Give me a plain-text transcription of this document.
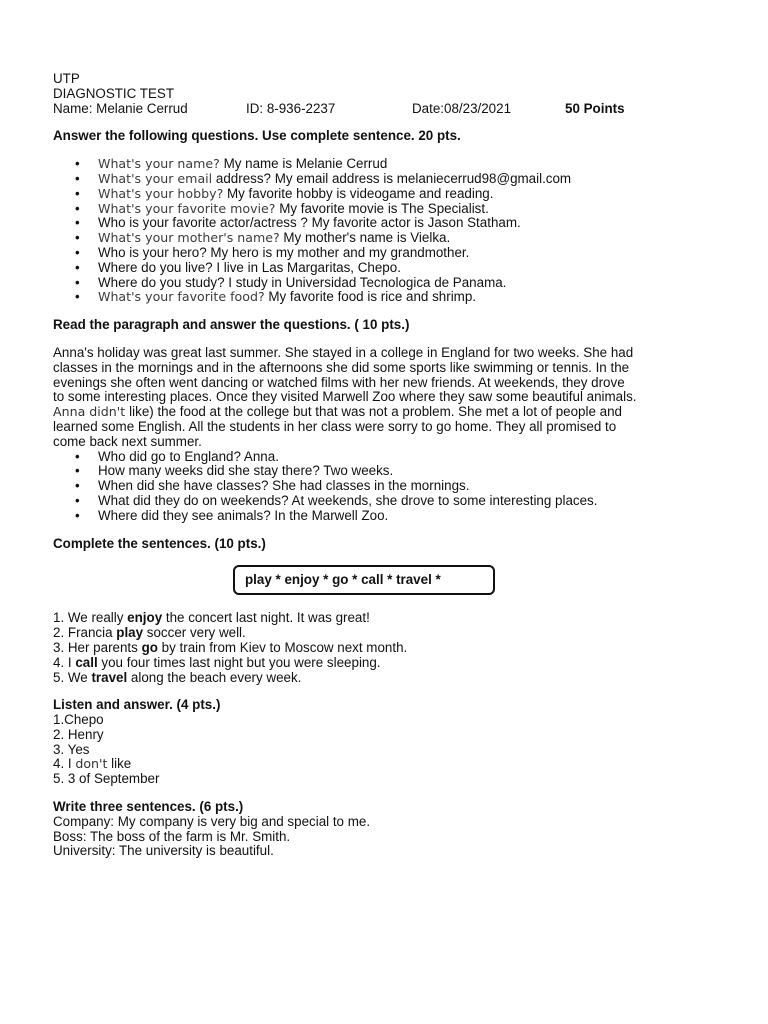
UTP
DIAGNOSTIC TEST
Name: Melanie Cerrud	ID: 8-936-2237	Date:08/23/2021	50 Points
Answer the following questions. Use complete sentence. 20 pts.
• What's your name? My name is Melanie Cerrud
• What's your email address? My email address is melaniecerrud98@gmail.com
• What's your hobby? My favorite hobby is videogame and reading.
• What's your favorite movie? My favorite movie is The Specialist.
• Who is your favorite actor/actress ? My favorite actor is Jason Statham.
• What's your mother's name? My mother's name is Vielka.
• Who is your hero? My hero is my mother and my grandmother.
• Where do you live? I live in Las Margaritas, Chepo.
• Where do you study? I study in Universidad Tecnologica de Panama.
• What's your favorite food? My favorite food is rice and shrimp.
Read the paragraph and answer the questions. ( 10 pts.)
Anna's holiday was great last summer. She stayed in a college in England for two weeks. She had
classes in the mornings and in the afternoons she did some sports like swimming or tennis. In the
evenings she often went dancing or watched films with her new friends. At weekends, they drove
to some interesting places. Once they visited Marwell Zoo where they saw some beautiful animals.
Anna didn't like) the food at the college but that was not a problem. She met a lot of people and
learned some English. All the students in her class were sorry to go home. They all promised to
come back next summer.
• Who did go to England? Anna.
• How many weeks did she stay there? Two weeks.
• When did she have classes? She had classes in the mornings.
• What did they do on weekends? At weekends, she drove to some interesting places.
• Where did they see animals? In the Marwell Zoo.
Complete the sentences. (10 pts.)
play * enjoy * go * call * travel *
1. We really enjoy the concert last night. It was great!
2. Francia play soccer very well.
3. Her parents go by train from Kiev to Moscow next month.
4. I call you four times last night but you were sleeping.
5. We travel along the beach every week.
Listen and answer. (4 pts.)
1.Chepo
2. Henry
3. Yes
4. I don't like
5. 3 of September
Write three sentences. (6 pts.)
Company: My company is very big and special to me.
Boss: The boss of the farm is Mr. Smith.
University: The university is beautiful.
